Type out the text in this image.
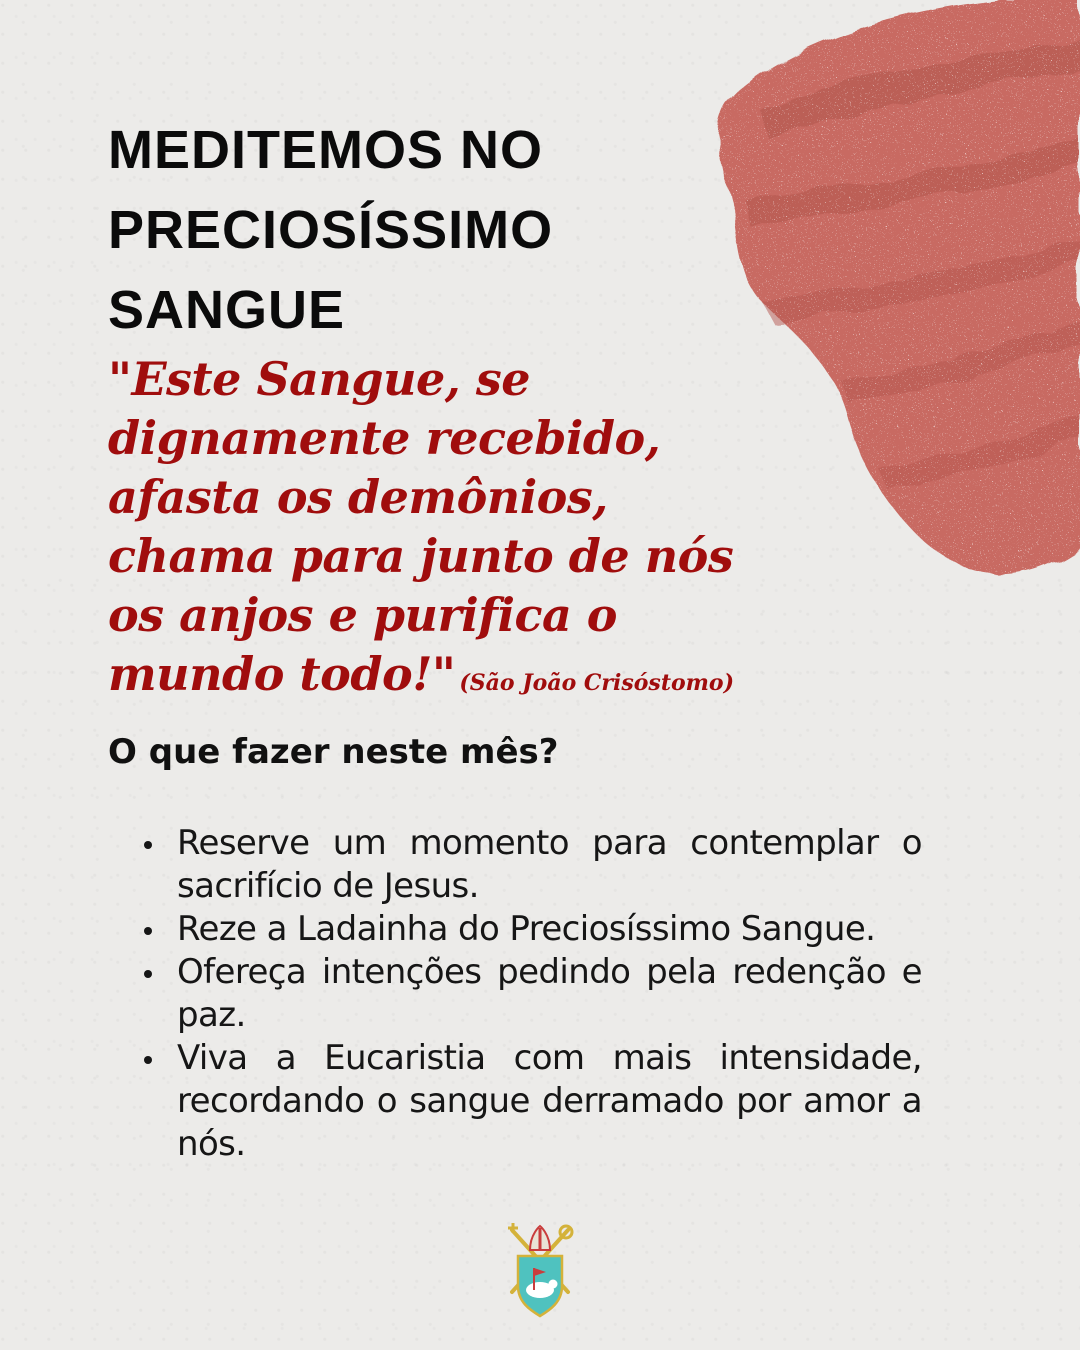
MEDITEMOS NO
PRECIOSÍSSIMO
SANGUE

"Este Sangue, se
dignamente recebido,
afasta os demônios,
chama para junto de nós
os anjos e purifica o
mundo todo!" (São João Crisóstomo)

O que fazer neste mês?
Reserve um momento para contemplar o sacrifício de Jesus.
Reze a Ladainha do Preciosíssimo Sangue.
Ofereça intenções pedindo pela redenção e paz.
Viva a Eucaristia com mais intensidade, recordando o sangue derramado por amor a nós.
